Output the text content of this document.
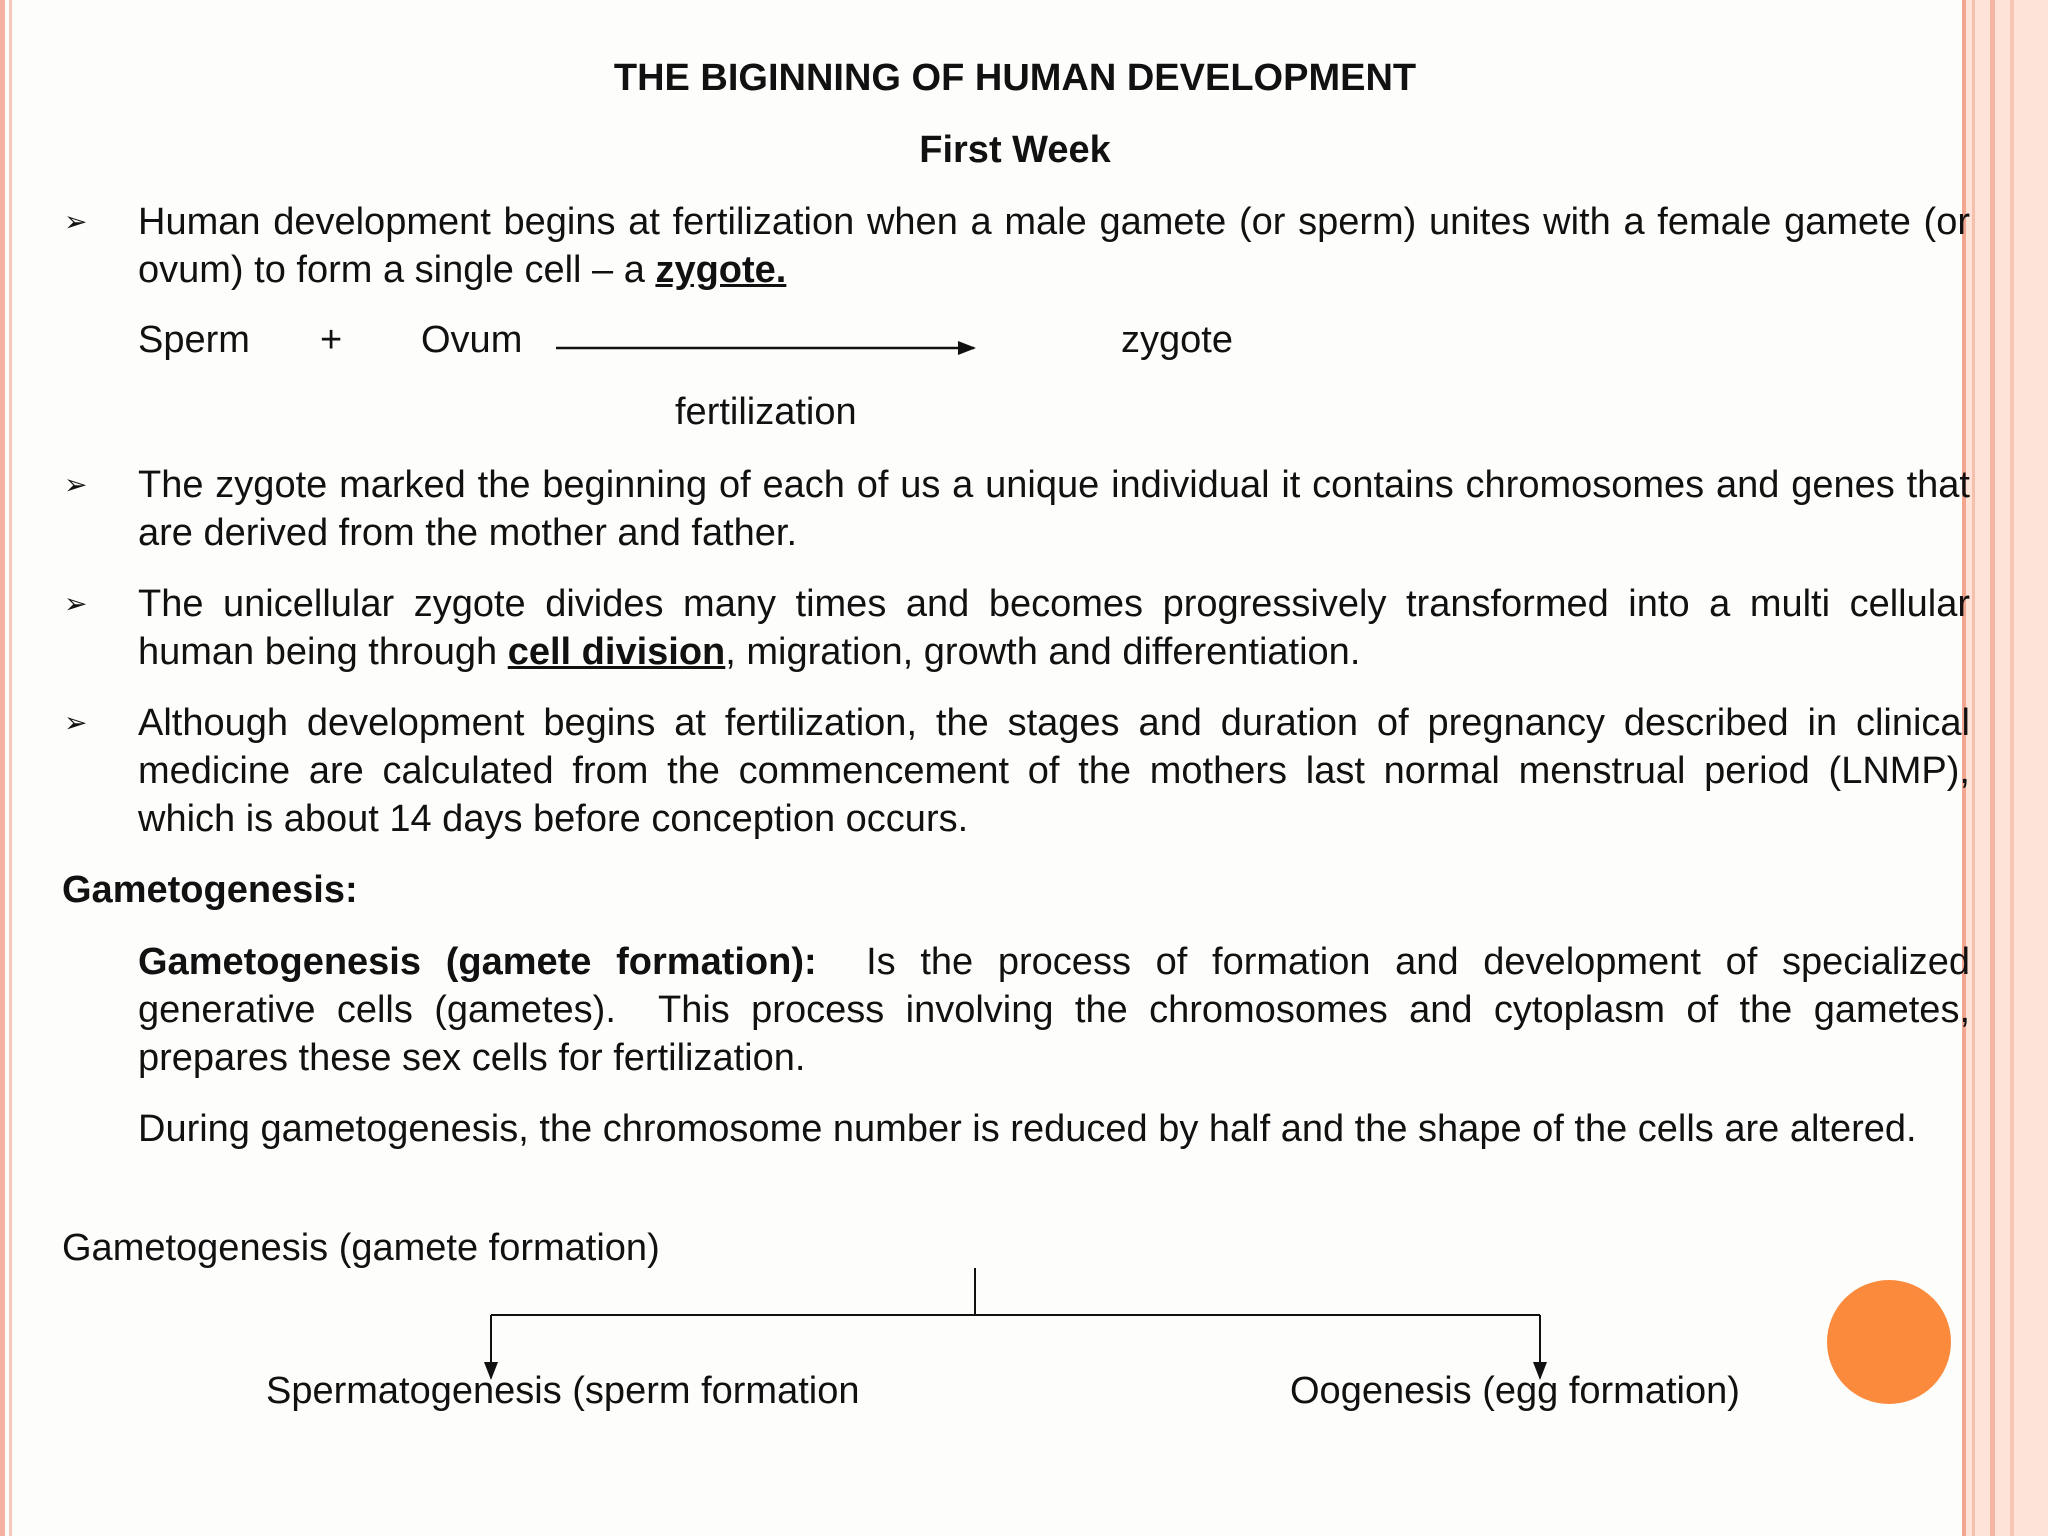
THE BIGINNING OF HUMAN DEVELOPMENT
First Week
➢ Human development begins at fertilization when a male gamete (or sperm) unites with a female gamete (or ovum) to form a single cell – a zygote.
Sperm + Ovum	zygote
fertilization
➢ The zygote marked the beginning of each of us a unique individual it contains chromosomes and genes that are derived from the mother and father.
➢ The unicellular zygote divides many times and becomes progressively transformed into a multi cellular human being through cell division, migration, growth and differentiation.
➢ Although development begins at fertilization, the stages and duration of pregnancy described in clinical medicine are calculated from the commencement of the mothers last normal menstrual period (LNMP), which is about 14 days before conception occurs.
Gametogenesis:
Gametogenesis (gamete formation):  Is the process of formation and development of specialized generative cells (gametes).  This process involving the chromosomes and cytoplasm of the gametes, prepares these sex cells for fertilization.
During gametogenesis, the chromosome number is reduced by half and the shape of the cells are altered.
Gametogenesis (gamete formation)
Spermatogenesis (sperm formation	Oogenesis (egg formation)
